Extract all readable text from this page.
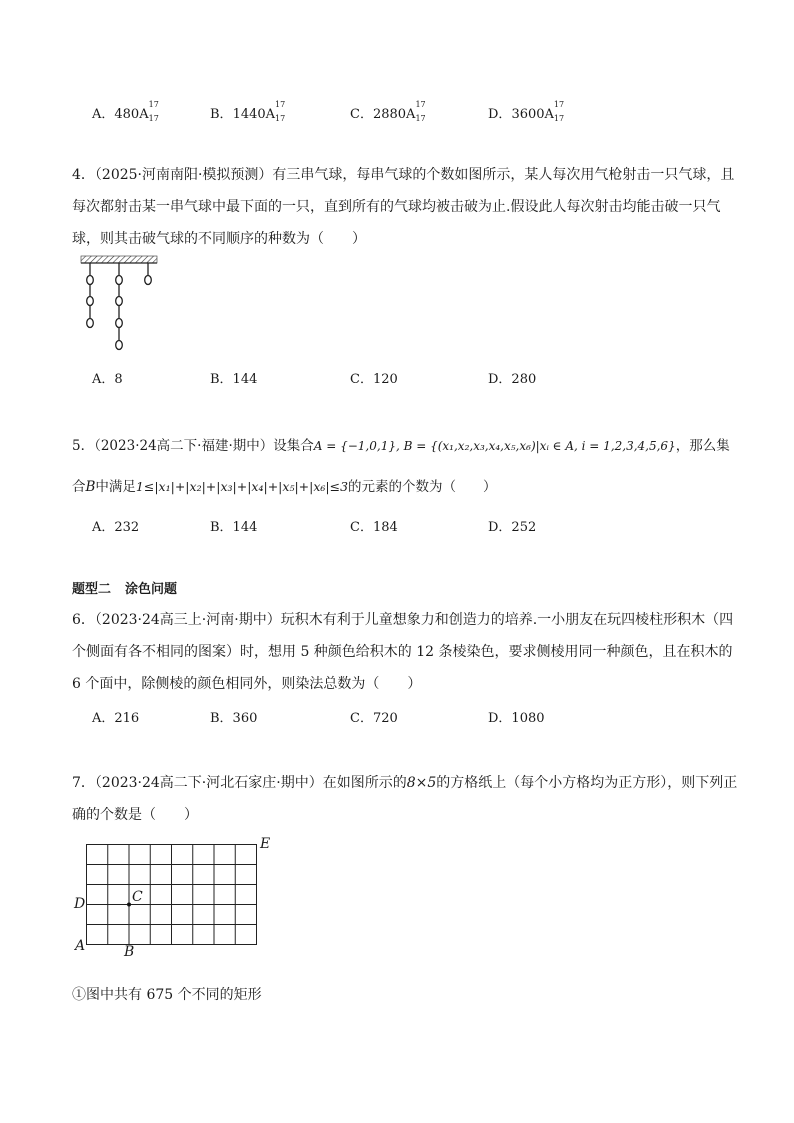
A．480A
17
17	B．1440A
17
17	C．2880A
17
17	D．3600A
17
17
4．（2025·河南南阳·模拟预测）有三串气球，每串气球的个数如图所示，某人每次用气枪射击一只气球，且
每次都射击某一串气球中最下面的一只，直到所有的气球均被击破为止.假设此人每次射击均能击破一只气
球，则其击破气球的不同顺序的种数为（　　）
A．8	B．144	C．120	D．280
5．（2023·24高二下·福建·期中）设集合A = {−1,0,1}, B = {(x₁,x₂,x₃,x₄,x₅,x₆)|xᵢ ∈ A, i = 1,2,3,4,5,6}，那么集
合B中满足1≤|x₁|+|x₂|+|x₃|+|x₄|+|x₅|+|x₆|≤3的元素的个数为（　　）
A．232	B．144	C．184	D．252
题型二 涂色问题
6．（2023·24高三上·河南·期中）玩积木有利于儿童想象力和创造力的培养.一小朋友在玩四棱柱形积木（四
个侧面有各不相同的图案）时，想用 5 种颜色给积木的 12 条棱染色，要求侧棱用同一种颜色，且在积木的
6 个面中，除侧棱的颜色相同外，则染法总数为（　　）
A．216	B．360	C．720	D．1080
7．（2023·24高二下·河北石家庄·期中）在如图所示的8×5的方格纸上（每个小方格均为正方形），则下列正
确的个数是（　　）
E
D	C
A	B
①图中共有 675 个不同的矩形
